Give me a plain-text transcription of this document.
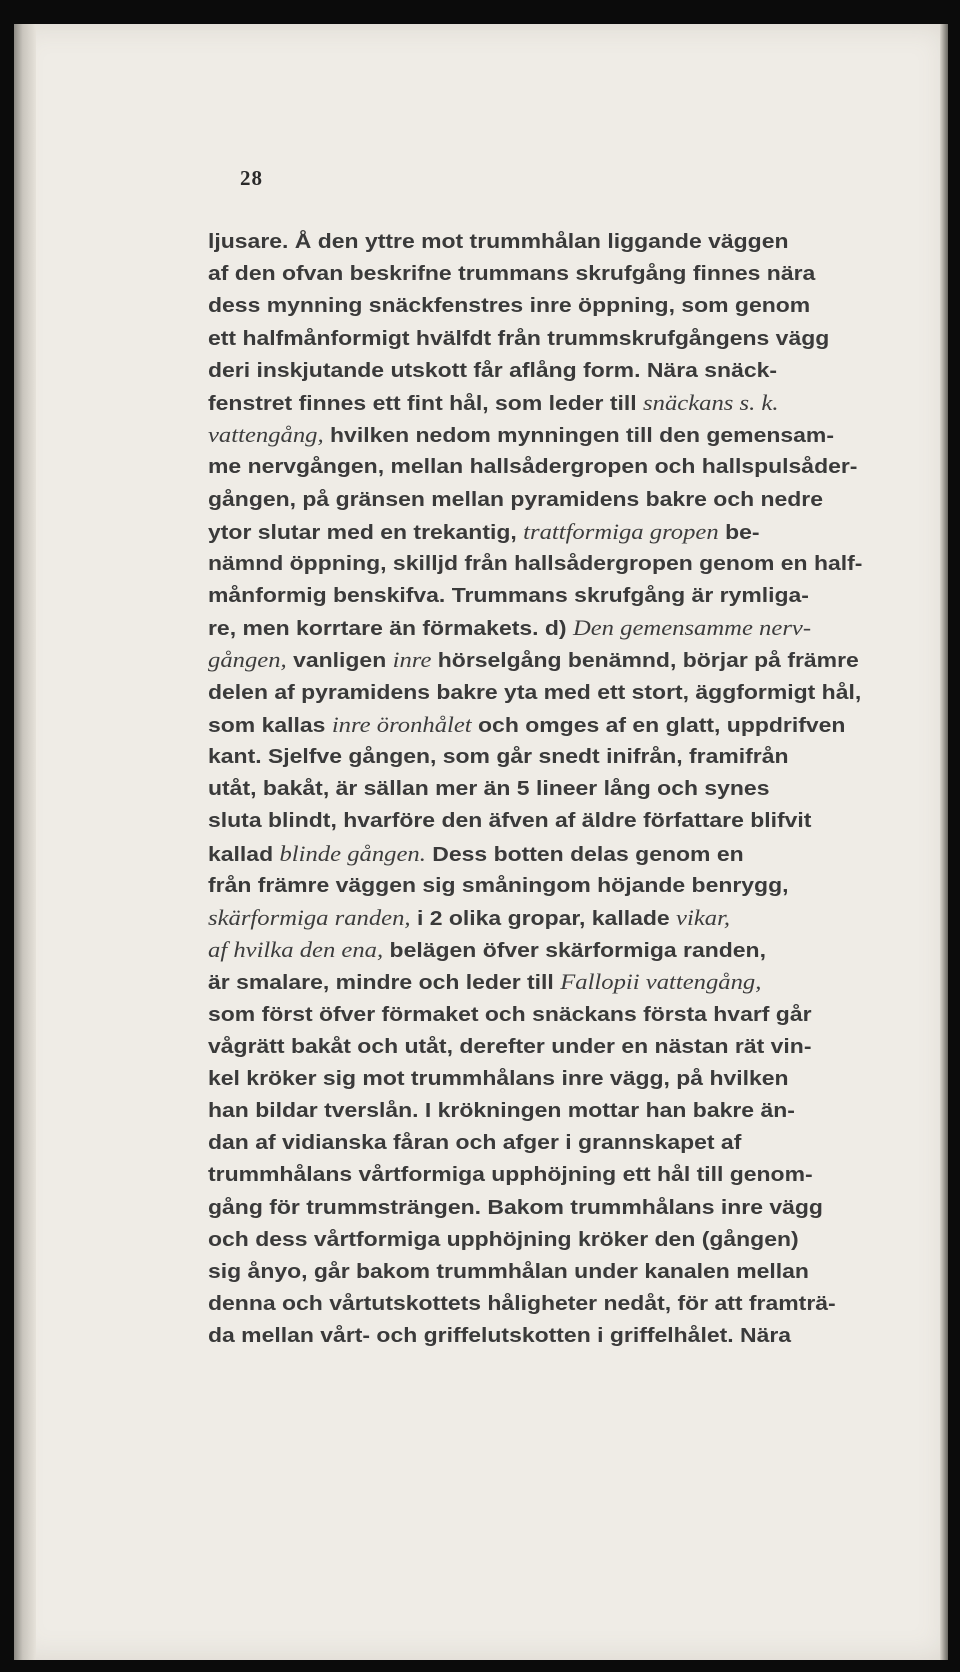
28
ljusare. Å den yttre mot trummhålan liggande väggen
af den ofvan beskrifne trummans skrufgång finnes nära
dess mynning snäckfenstres inre öppning, som genom
ett halfmånformigt hvälfdt från trummskrufgångens vägg
deri inskjutande utskott får aflång form. Nära snäck-
fenstret finnes ett fint hål, som leder till snäckans s. k.
vattengång, hvilken nedom mynningen till den gemensam-
me nervgången, mellan hallsådergropen och hallspulsåder-
gången, på gränsen mellan pyramidens bakre och nedre
ytor slutar med en trekantig, trattformiga gropen be-
nämnd öppning, skilljd från hallsådergropen genom en half-
månformig benskifva. Trummans skrufgång är rymliga-
re, men korrtare än förmakets. d) Den gemensamme nerv-
gången, vanligen inre hörselgång benämnd, börjar på främre
delen af pyramidens bakre yta med ett stort, äggformigt hål,
som kallas inre öronhålet och omges af en glatt, uppdrifven
kant. Sjelfve gången, som går snedt inifrån, framifrån
utåt, bakåt, är sällan mer än 5 lineer lång och synes
sluta blindt, hvarföre den äfven af äldre författare blifvit
kallad blinde gången. Dess botten delas genom en
från främre väggen sig småningom höjande benrygg,
skärformiga randen, i 2 olika gropar, kallade vikar,
af hvilka den ena, belägen öfver skärformiga randen,
är smalare, mindre och leder till Fallopii vattengång,
som först öfver förmaket och snäckans första hvarf går
vågrätt bakåt och utåt, derefter under en nästan rät vin-
kel kröker sig mot trummhålans inre vägg, på hvilken
han bildar tverslån. I krökningen mottar han bakre än-
dan af vidianska fåran och afger i grannskapet af
trummhålans vårtformiga upphöjning ett hål till genom-
gång för trummsträngen. Bakom trummhålans inre vägg
och dess vårtformiga upphöjning kröker den (gången)
sig ånyo, går bakom trummhålan under kanalen mellan
denna och vårtutskottets håligheter nedåt, för att framträ-
da mellan vårt- och griffelutskotten i griffelhålet. Nära
